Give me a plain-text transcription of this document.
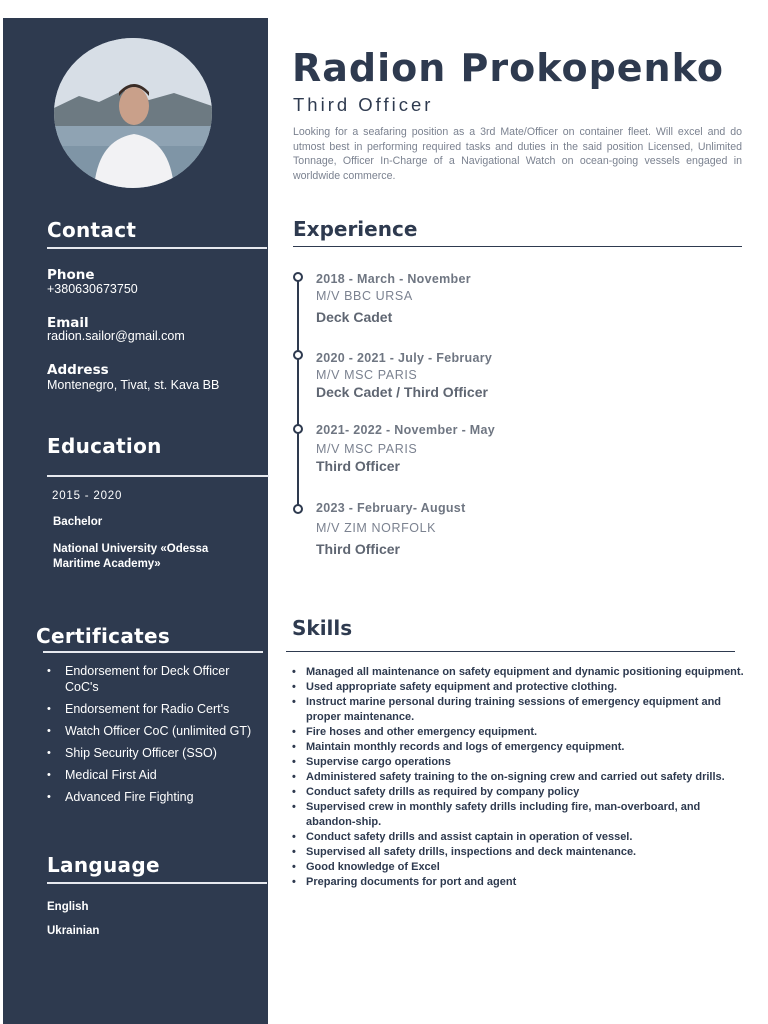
Contact
Phone
+380630673750
Email
radion.sailor@gmail.com
Address
Montenegro, Tivat, st. Kava BB
Education
2015 - 2020
Bachelor
National University «Odessa Maritime Academy»
Certificates
• Endorsement for Deck Officer CoC's
• Endorsement for Radio Cert's
• Watch Officer CoC (unlimited GT)
• Ship Security Officer (SSO)
• Medical First Aid
• Advanced Fire Fighting
Language
English
Ukrainian
Radion Prokopenko
Third Officer
Looking for a seafaring position as a 3rd Mate/Officer on container fleet. Will excel and do utmost best in performing required tasks and duties in the said position Licensed, Unlimited Tonnage, Officer In-Charge of a Navigational Watch on ocean-going vessels engaged in worldwide commerce.
Experience
2018 - March - November
M/V BBC URSA
Deck Cadet
2020 - 2021 - July - February
M/V MSC PARIS
Deck Cadet / Third Officer
2021- 2022 - November - May
M/V MSC PARIS
Third Officer
2023 - February- August
M/V ZIM NORFOLK
Third Officer
Skills
• Managed all maintenance on safety equipment and dynamic positioning equipment.
• Used appropriate safety equipment and protective clothing.
• Instruct marine personal during training sessions of emergency equipment and proper maintenance.
• Fire hoses and other emergency equipment.
• Maintain monthly records and logs of emergency equipment.
• Supervise cargo operations
• Administered safety training to the on-signing crew and carried out safety drills.
• Conduct safety drills as required by company policy
• Supervised crew in monthly safety drills including fire, man-overboard, and abandon-ship.
• Conduct safety drills and assist captain in operation of vessel.
• Supervised all safety drills, inspections and deck maintenance.
• Good knowledge of Excel
• Preparing documents for port and agent
